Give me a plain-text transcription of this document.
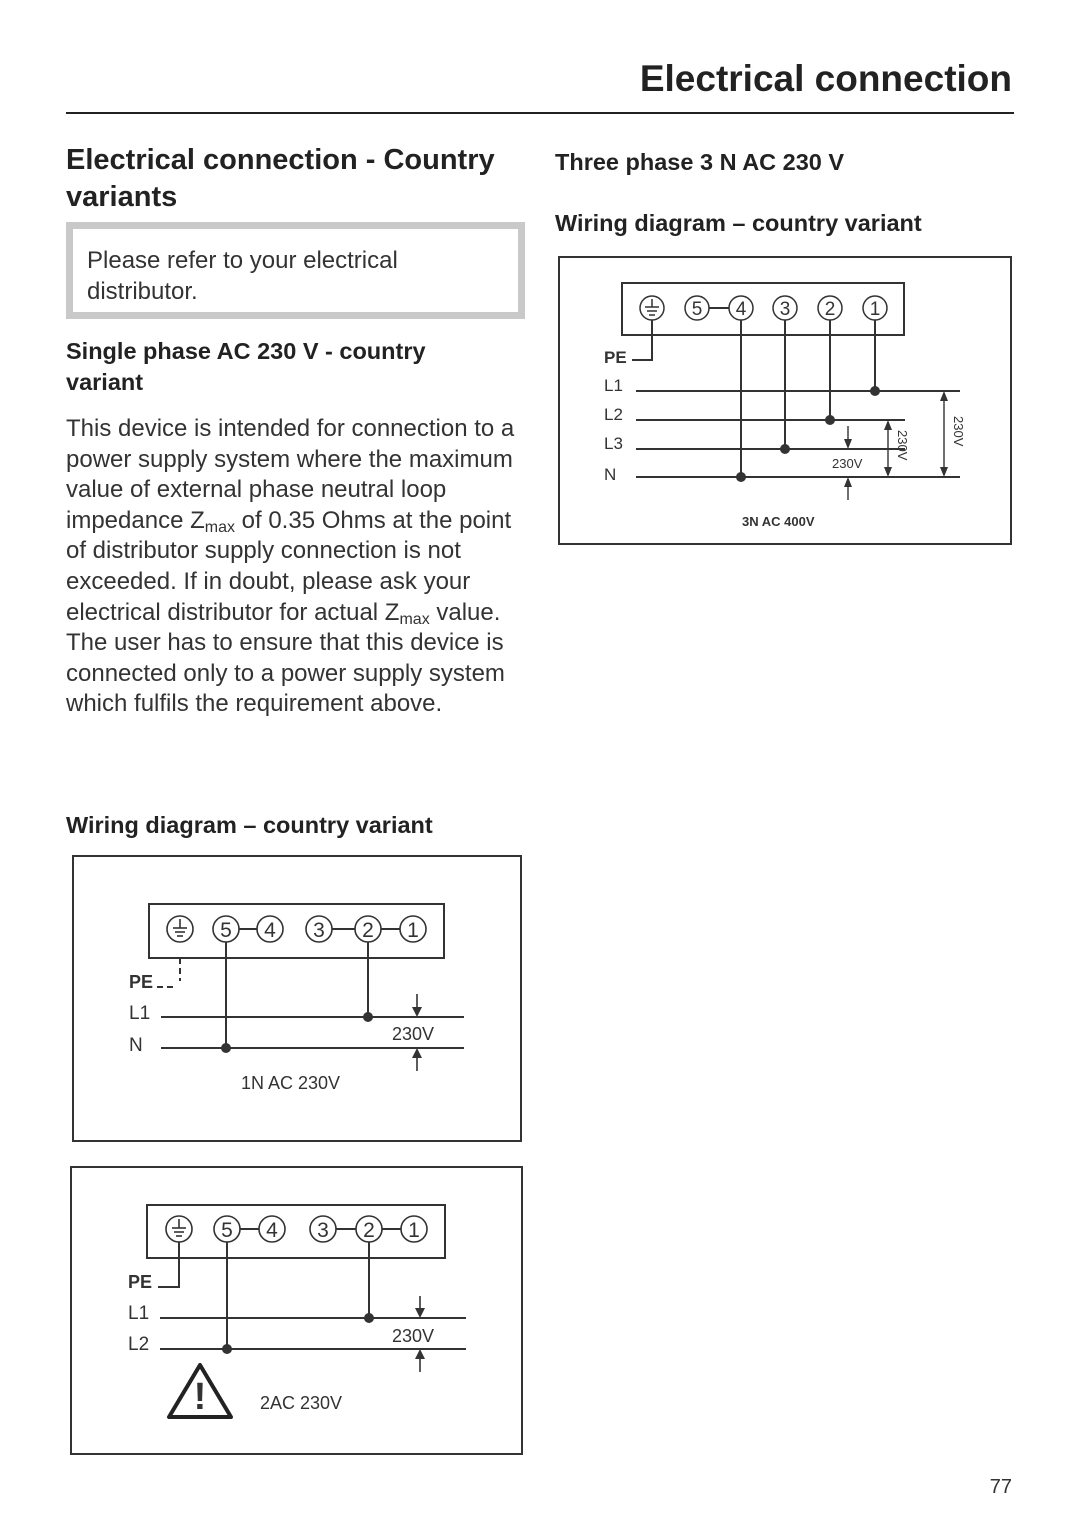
Electrical connection
Electrical connection - Country variants
Please refer to your electrical distributor.
Single phase AC 230 V - country variant
This device is intended for connection to a power supply system where the maximum value of external phase neutral loop impedance $Z_{max}$ of 0.35 Ohms at the point of distributor supply connection is not exceeded. If in doubt, please ask your electrical distributor for actual $Z_{max}$ value. The user has to ensure that this device is connected only to a power supply system which fulfils the requirement above.
Wiring diagram – country variant
Three phase 3 N AC 230 V
Wiring diagram – country variant
5 4 3 2 1
PE
L1
N
230V
1N AC 230V
5 4 3 2 1
PE
L1
L2	230V
!	2AC 230V
5 4 3 2 1
PE
L1
L2
L3
N
230V
230V	230V
3N AC 400V
77
